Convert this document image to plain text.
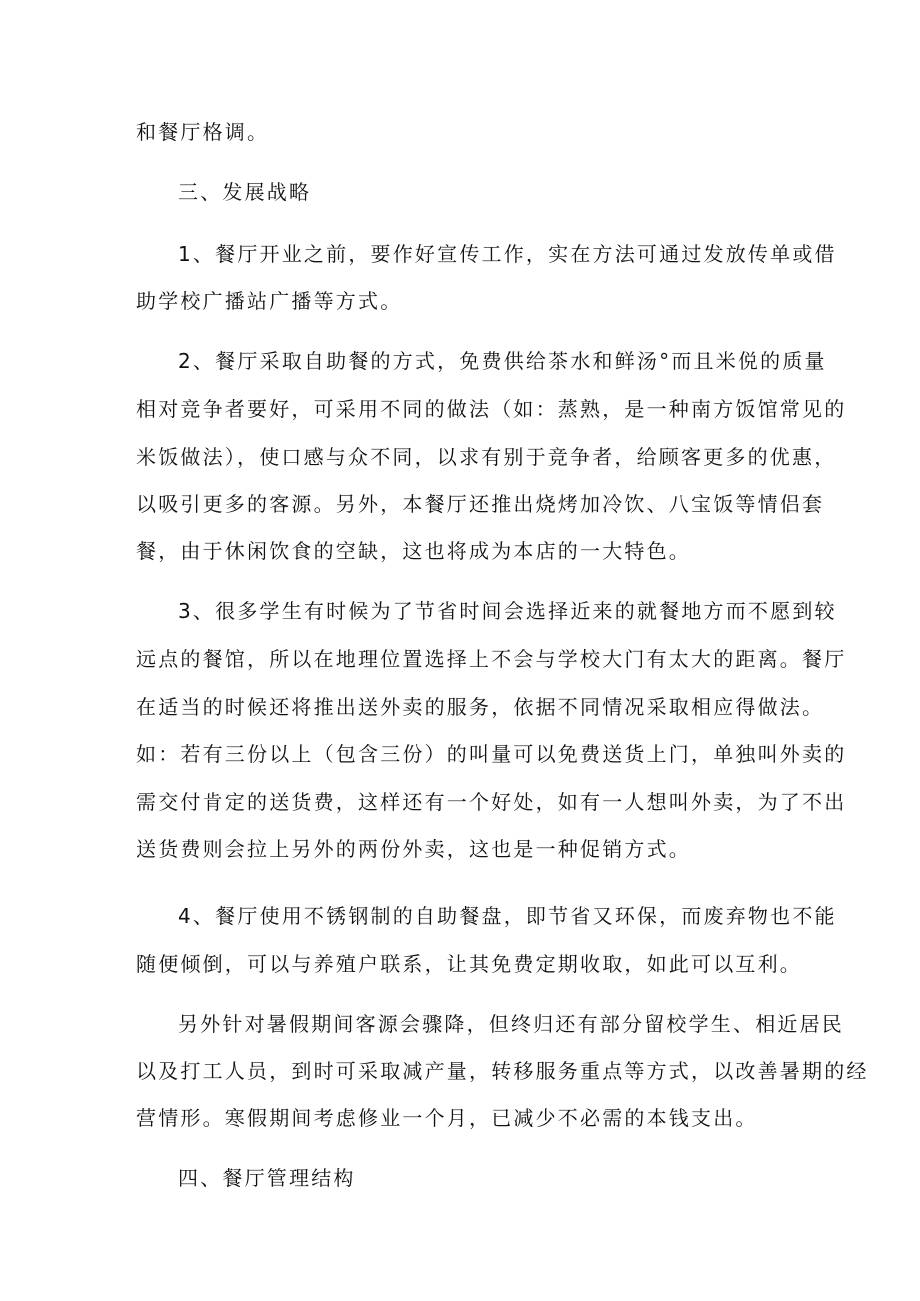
和餐厅格调。
三、发展战略
1、餐厅开业之前，要作好宣传工作，实在方法可通过发放传单或借
助学校广播站广播等方式。
2、餐厅采取自助餐的方式，免费供给茶水和鲜汤°而且米侻的质量
相对竞争者要好，可采用不同的做法（如：蒸熟，是一种南方饭馆常见的
米饭做法），使口感与众不同，以求有别于竞争者，给顾客更多的优惠，
以吸引更多的客源。另外，本餐厅还推出烧烤加冷饮、八宝饭等情侣套
餐，由于休闲饮食的空缺，这也将成为本店的一大特色。
3、很多学生有时候为了节省时间会选择近来的就餐地方而不愿到较
远点的餐馆，所以在地理位置选择上不会与学校大门有太大的距离。餐厅
在适当的时候还将推出送外卖的服务，依据不同情况采取相应得做法。
如：若有三份以上（包含三份）的叫量可以免费送货上门，单独叫外卖的
需交付肯定的送货费，这样还有一个好处，如有一人想叫外卖，为了不出
送货费则会拉上另外的两份外卖，这也是一种促销方式。
4、餐厅使用不锈钢制的自助餐盘，即节省又环保，而废弃物也不能
随便倾倒，可以与养殖户联系，让其免费定期收取，如此可以互利。
另外针对暑假期间客源会骤降，但终归还有部分留校学生、相近居民
以及打工人员，到时可采取减产量，转移服务重点等方式，以改善暑期的经
营情形。寒假期间考虑修业一个月，已减少不必需的本钱支出。
四、餐厅管理结构
